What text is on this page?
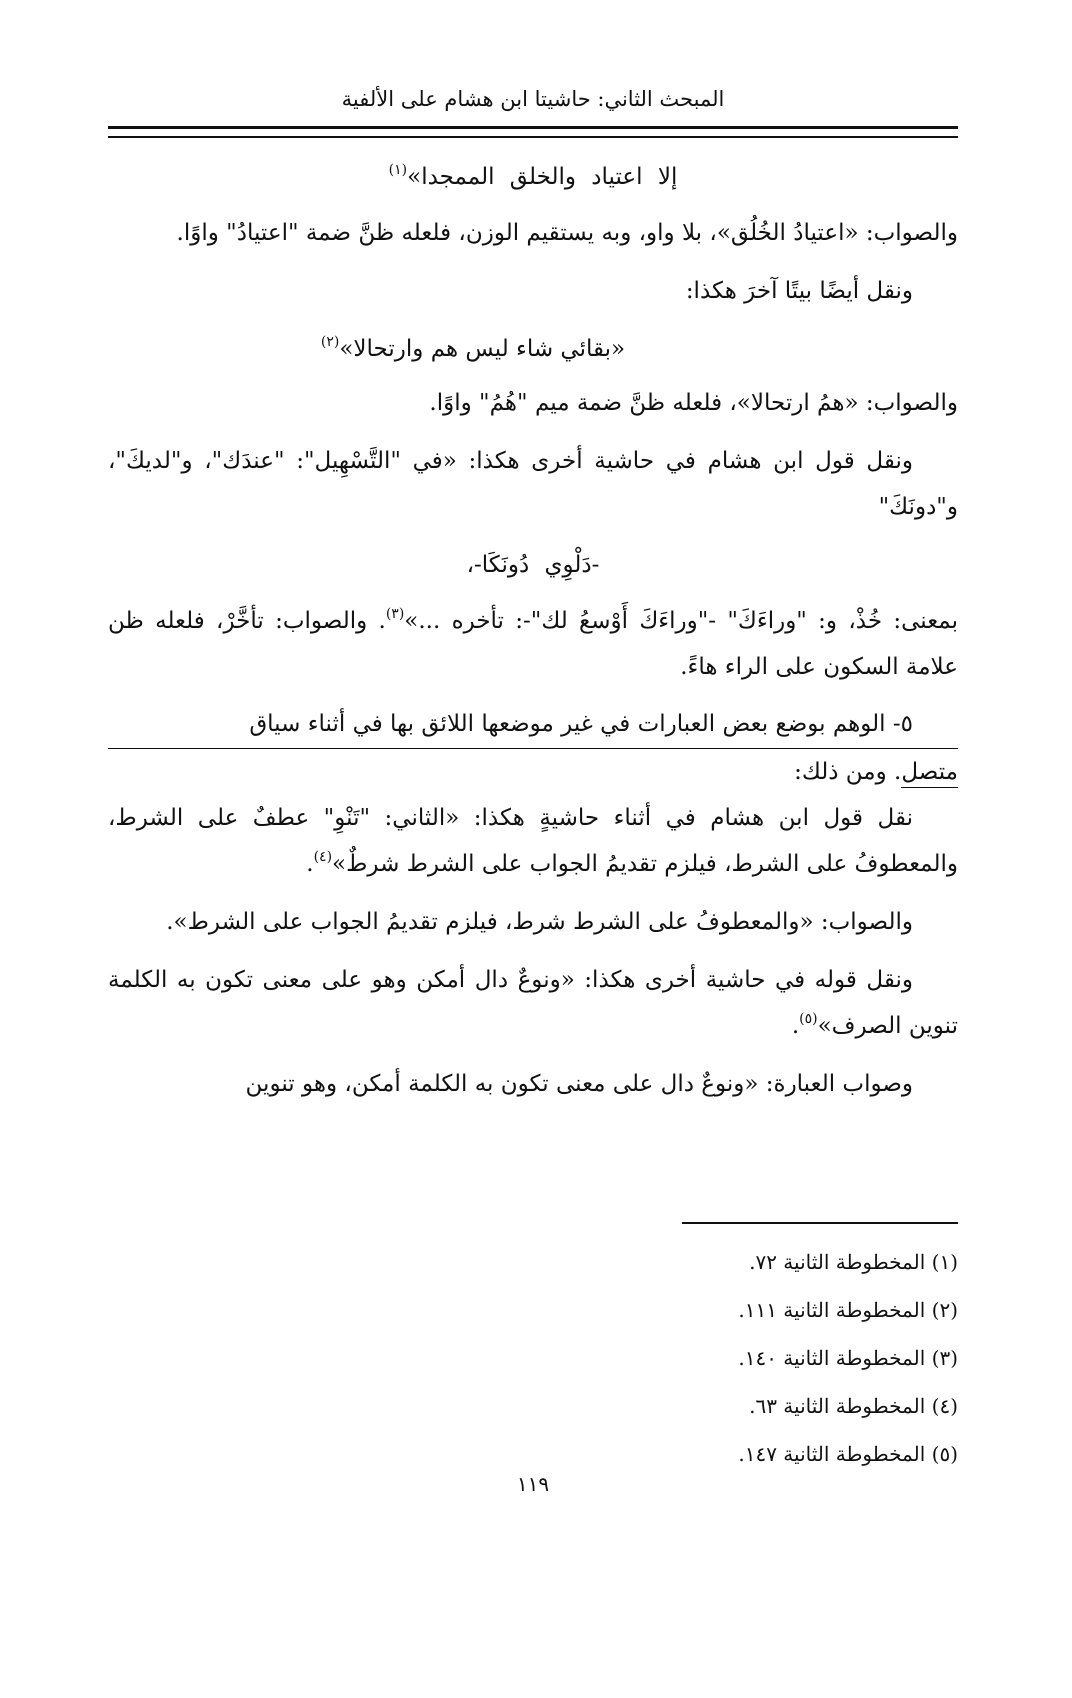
المبحث الثاني: حاشيتا ابن هشام على الألفية

إلا اعتياد والخلق الممجدا»$^{(١)}$

والصواب: «اعتيادُ الخُلُق»، بلا واو، وبه يستقيم الوزن، فلعله ظنَّ ضمة "اعتيادُ" واوًا.

ونقل أيضًا بيتًا آخرَ هكذا:

«بقائي شاء ليس هم وارتحالا»$^{(٢)}$

والصواب: «همُ ارتحالا»، فلعله ظنَّ ضمة ميم "هُمُ" واوًا.

ونقل قول ابن هشام في حاشية أخرى هكذا: «في "التَّسْهِيل": "عندَك"، و"لديكَ"، و"دونَكَ"

-دَلْوِي دُونَكَا-،

بمعنى: خُذْ، و: "وراءَكَ" -"وراءَكَ أَوْسعُ لك"-: تأخره ...»$^{(٣)}$. والصواب: تأخَّرْ، فلعله ظن علامة السكون على الراء هاءً.

٥- الوهم بوضع بعض العبارات في غير موضعها اللائق بها في أثناء سياق

متصل. ومن ذلك:

نقل قول ابن هشام في أثناء حاشيةٍ هكذا: «الثاني: "تَنْوِ" عطفٌ على الشرط، والمعطوفُ على الشرط، فيلزم تقديمُ الجواب على الشرط شرطٌ»$^{(٤)}$.

والصواب: «والمعطوفُ على الشرط شرط، فيلزم تقديمُ الجواب على الشرط».

ونقل قوله في حاشية أخرى هكذا: «ونوعٌ دال أمكن وهو على معنى تكون به الكلمة تنوين الصرف»$^{(٥)}$.

وصواب العبارة: «ونوعٌ دال على معنى تكون به الكلمة أمكن، وهو تنوين

(١) المخطوطة الثانية ٧٢.

(٢) المخطوطة الثانية ١١١.

(٣) المخطوطة الثانية ١٤٠.

(٤) المخطوطة الثانية ٦٣.

(٥) المخطوطة الثانية ١٤٧.

١١٩
